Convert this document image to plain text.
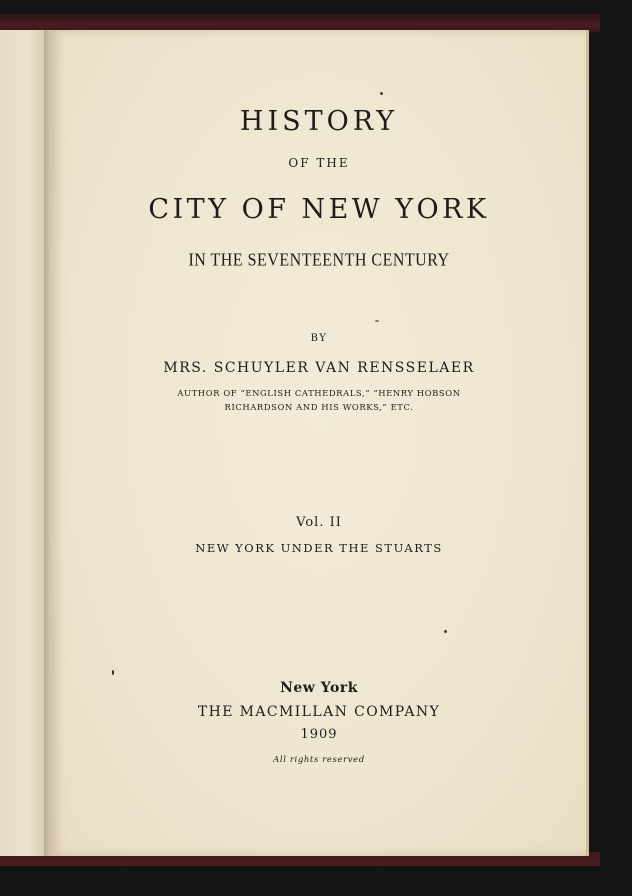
HISTORY
OF THE
CITY OF NEW YORK
IN THE SEVENTEENTH CENTURY
BY
MRS. SCHUYLER VAN RENSSELAER
AUTHOR OF “ENGLISH CATHEDRALS,” “HENRY HOBSON
RICHARDSON AND HIS WORKS,” ETC.
Vol. II
NEW YORK UNDER THE STUARTS
New York
THE MACMILLAN COMPANY
1909
All rights reserved
